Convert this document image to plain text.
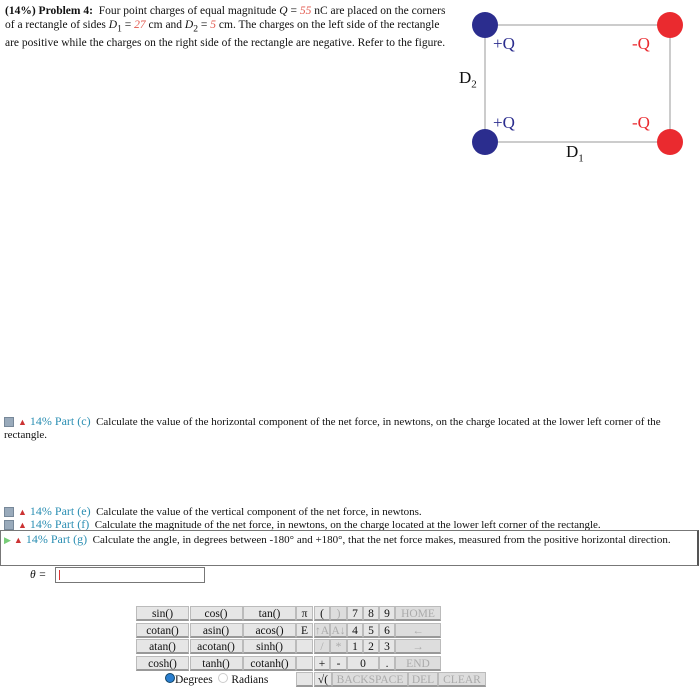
(14%) Problem 4: Four point charges of equal magnitude Q = 55 nC are placed on the corners of a rectangle of sides $D_1 = 27$ cm and $D_2 = 5$ cm. The charges on the left side of the rectangle are positive while the charges on the right side of the rectangle are negative. Refer to the figure.	+Q	-Q
+Q	-Q
$D_2$
$D_1$
▲ 14% Part (c) Calculate the value of the horizontal component of the net force, in newtons, on the charge located at the lower left corner of the rectangle.
▲ 14% Part (e) Calculate the value of the vertical component of the net force, in newtons.
▲ 14% Part (f) Calculate the magnitude of the net force, in newtons, on the charge located at the lower left corner of the rectangle.
▶ ▲ 14% Part (g) Calculate the angle, in degrees between -180° and +180°, that the net force makes, measured from the positive horizontal direction.
θ =
sin()	cos()	tan()
cotan()	asin()	acos()
atan()	acotan()	sinh()
cosh()	tanh()	cotanh()
π
E
(	)	7 8 9 HOME
↑A A↓ 4 5 6	←
/	* 1 2 3	→
+ -	0	.	END
√( BACKSPACE DEL CLEAR
Degrees Radians
